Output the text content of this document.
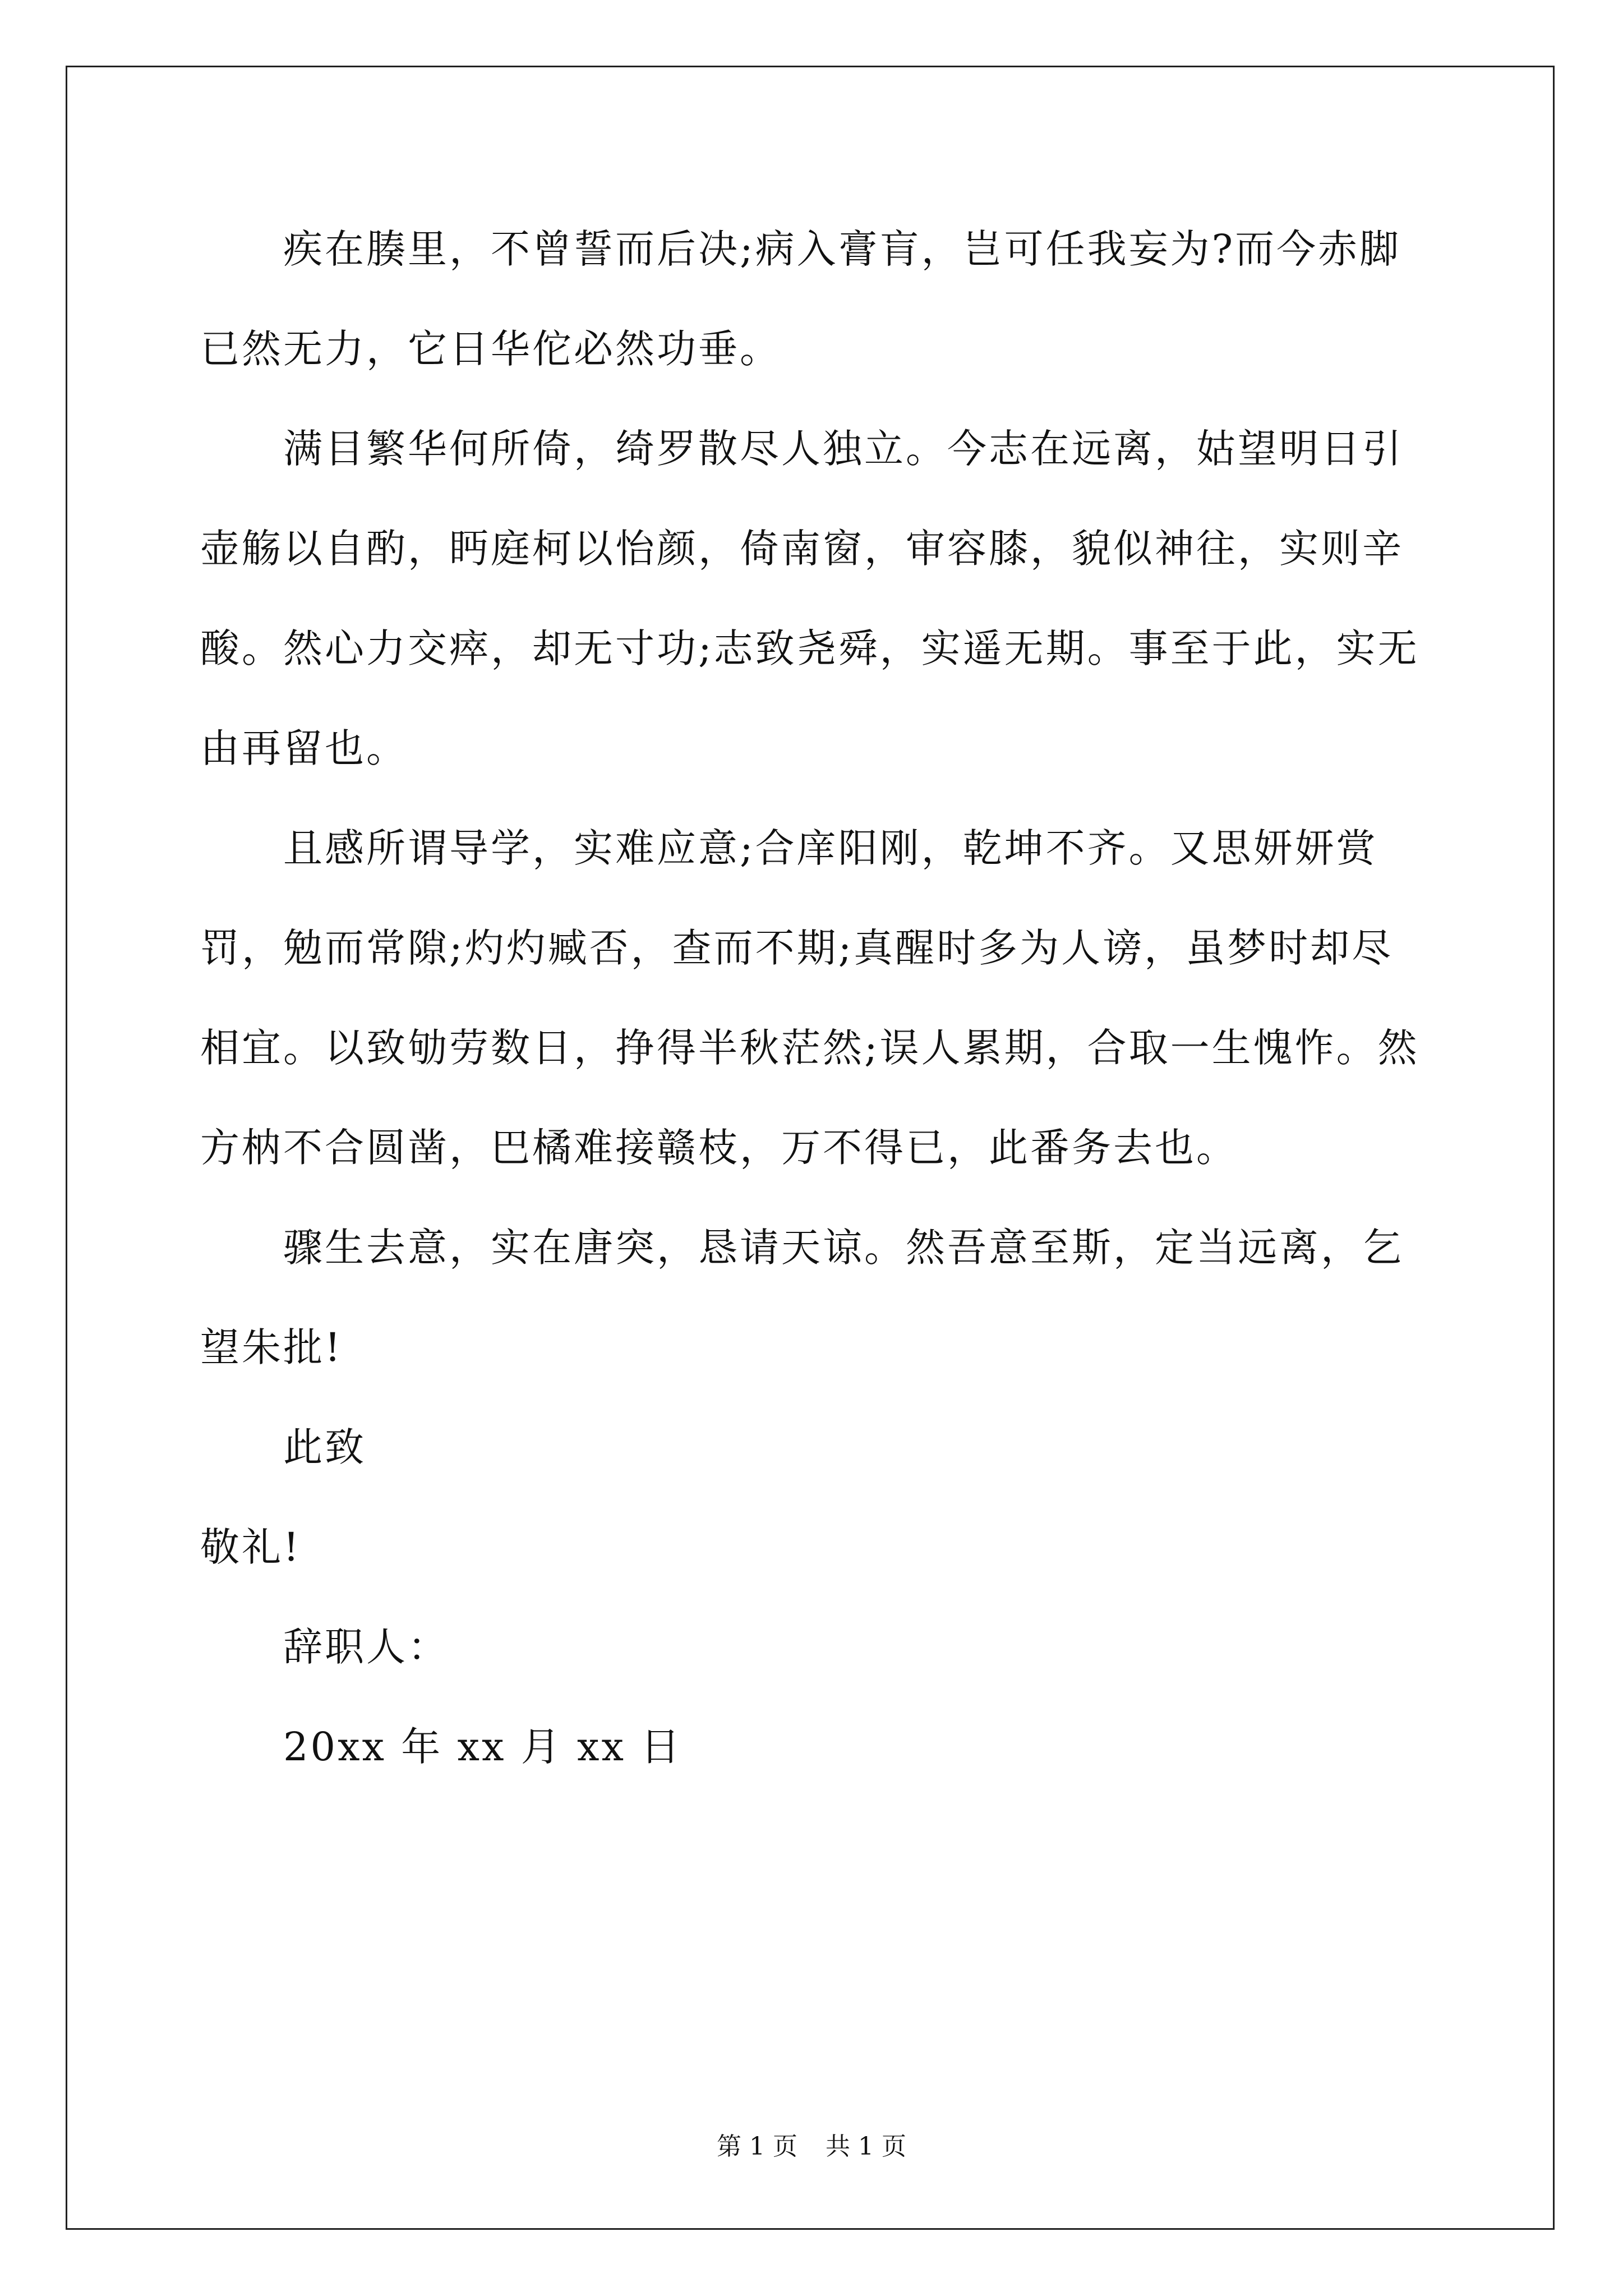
疾在腠里，不曾誓而后决;病入膏肓，岂可任我妄为?而今赤脚已然无力，它日华佗必然功垂。

满目繁华何所倚，绮罗散尽人独立。今志在远离，姑望明日引壶觞以自酌，眄庭柯以怡颜，倚南窗，审容膝，貌似神往，实则辛酸。然心力交瘁，却无寸功;志致尧舜，实遥无期。事至于此，实无由再留也。

且感所谓导学，实难应意;合庠阳刚，乾坤不齐。又思妍妍赏罚，勉而常隙;灼灼臧否，查而不期;真醒时多为人谤，虽梦时却尽相宜。以致劬劳数日，挣得半秋茫然;误人累期，合取一生愧怍。然方枘不合圆凿，巴橘难接赣枝，万不得已，此番务去也。

骤生去意，实在唐突，恳请天谅。然吾意至斯，定当远离，乞望朱批!

此致

敬礼!

辞职人：

20xx 年 xx 月 xx 日

第 1 页 共 1 页
